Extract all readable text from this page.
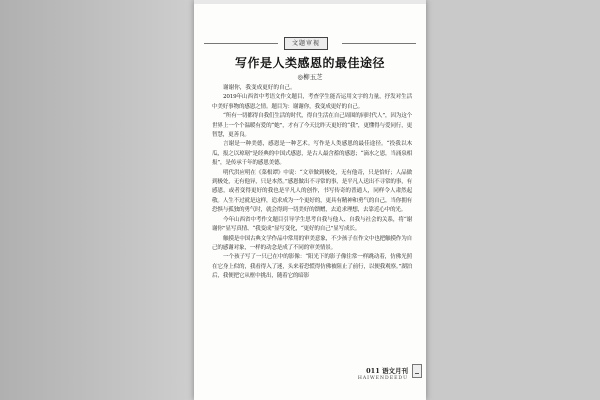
文题审视
写作是人类感恩的最佳途径
◎柳玉芝

谢谢你，我变成更好的自己。

2019年山西省中考语文作文题目，考查学生能否运用文字的力量，抒发对生活中美好事物的感恩之情。题目为：谢谢你，我变成更好的自己。

“所有一切都得自我们生活的时代，得自生活在自己周围的同时代人”，因为这个世界上一个个温暖有爱的“她”，才有了今天比昨天更好的“我”，更懂得与爱同行，更智慧，更善良。

言谢是一种美德，感恩是一种艺术。写作是人类感恩的最佳途径。“投我以木瓜，报之以琼琚”是经典的中国式感恩，是古人最含蓄的感恩；“滴水之恩，当涌泉相报”，是传承千年的感恩美德。

明代洪应明在《菜根谭》中说：“文章做到极处，无有他奇，只是恰好；人品做到极处，无有他异，只是本然。”感恩做出不寻常的事，是平凡人送出不寻常的事，有感恩，或者变得更好的我也是平凡人的创作，书写传奇的普通人，同样令人肃然起敬。人生不过就是这样，追求成为一个更好的，更具有精神和勇气的自己，当你拥有恐惧与孤独的勇气时，就会得到一切美好的馈赠，去追求理想，去靠近心中的光。

今年山西省中考作文题目引导学生思考自我与他人、自我与社会的关系，将“谢谢你”显写真情、“我变成”显写变化，“更好的自己”显写成长。

触摸是中国古典文学作品中常用的审美意象，不少孩子在作文中也把触摸作为自己的感谢对象，一样的动念是成了不同的审美情景。

一个孩子写了一只已在中的影像：“阳光下的影子像往常一样跳动着，仿佛光照在它身上似的，我看得入了迷，头来着恐慌得仿佛被阻止了前行，以便我观察。”湖泊后，我便把它从框中挑出，随着它的暗影

011 语文月刊
HAIWENDEEDU
